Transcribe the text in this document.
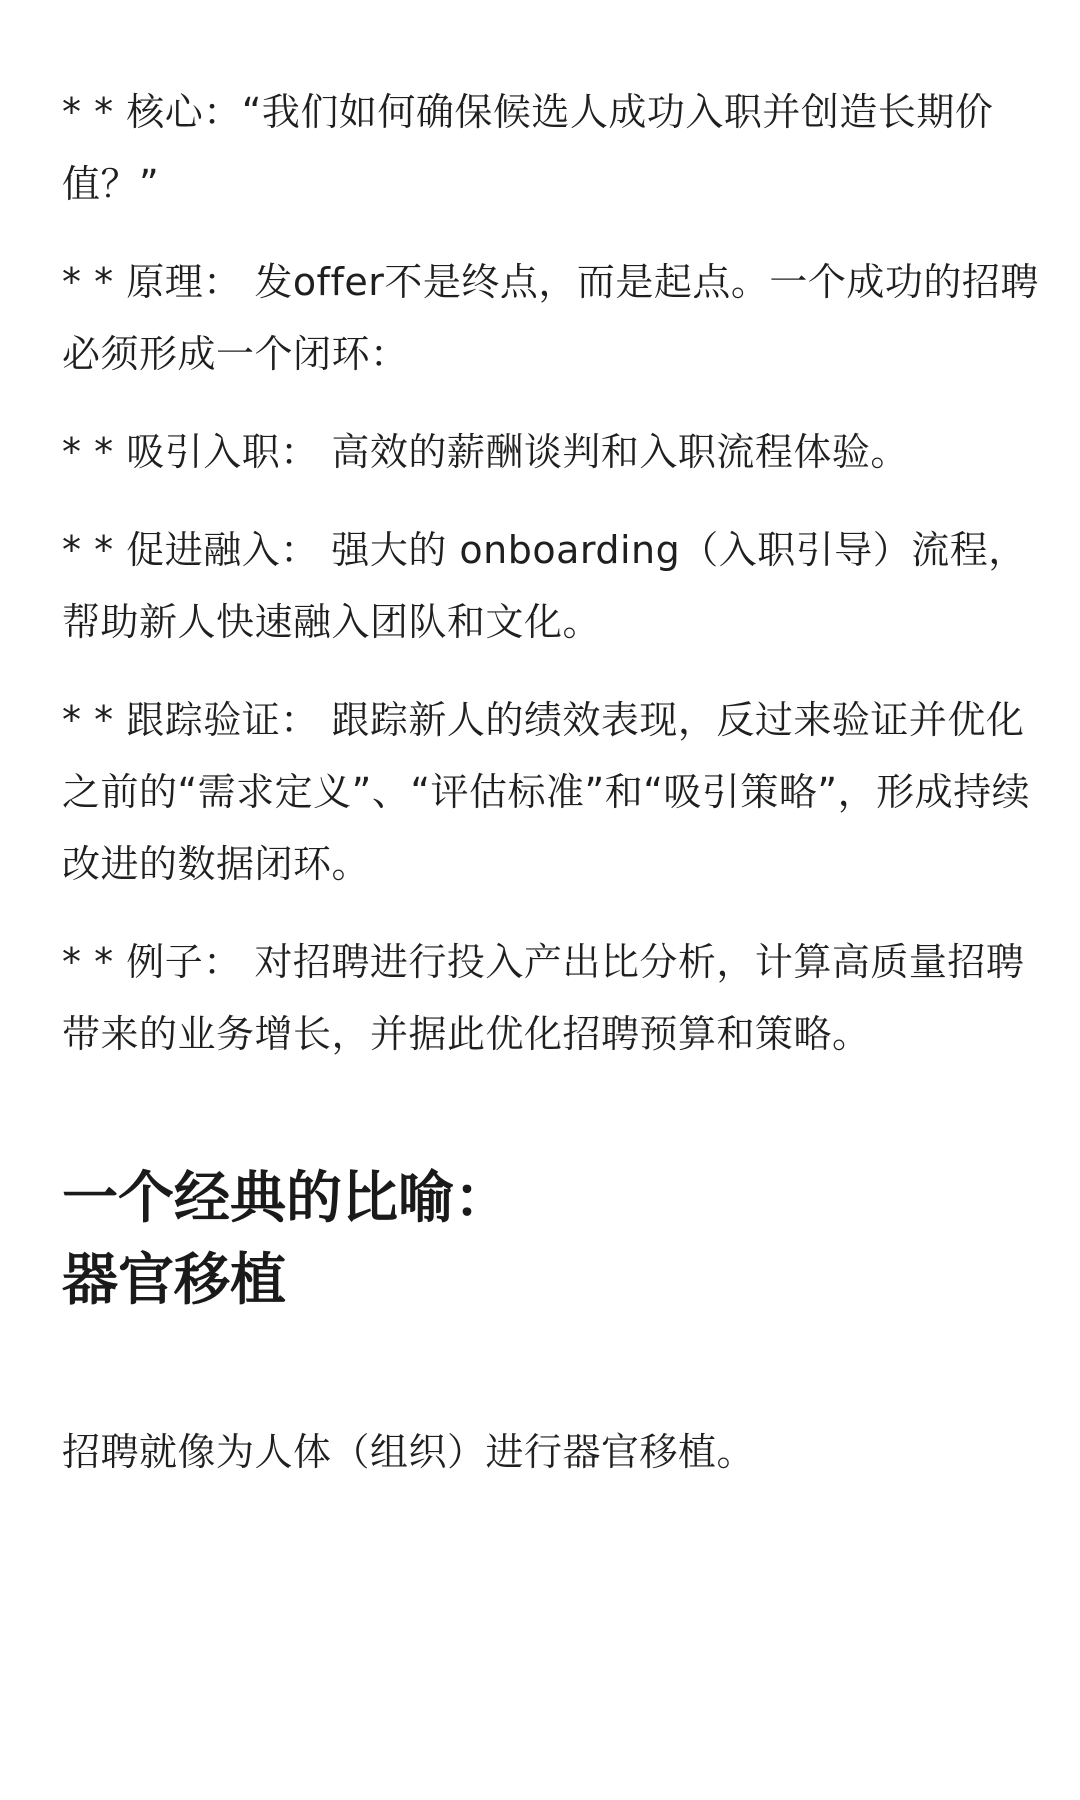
* * 核心：“我们如何确保候选人成功入职并创造长期价值？”

* * 原理： 发offer不是终点，而是起点。一个成功的招聘必须形成一个闭环：

* * 吸引入职： 高效的薪酬谈判和入职流程体验。

* * 促进融入： 强大的 onboarding（入职引导）流程，帮助新人快速融入团队和文化。

* * 跟踪验证： 跟踪新人的绩效表现，反过来验证并优化之前的“需求定义”、“评估标准”和“吸引策略”，形成持续改进的数据闭环。

* * 例子： 对招聘进行投入产出比分析，计算高质量招聘带来的业务增长，并据此优化招聘预算和策略。

一个经典的比喻：
器官移植

招聘就像为人体（组织）进行器官移植。
